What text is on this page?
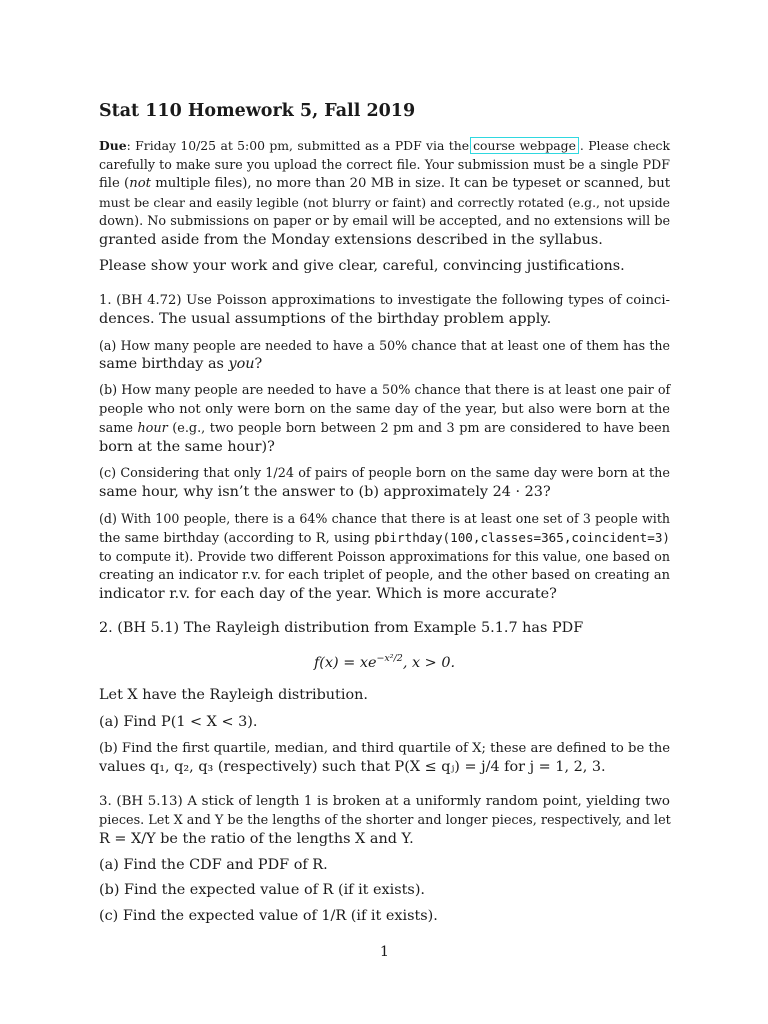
Stat 110 Homework 5, Fall 2019
Due: Friday 10/25 at 5:00 pm, submitted as a PDF via the course webpage . Please check
carefully to make sure you upload the correct file. Your submission must be a single PDF
file (not multiple files), no more than 20 MB in size. It can be typeset or scanned, but
must be clear and easily legible (not blurry or faint) and correctly rotated (e.g., not upside
down). No submissions on paper or by email will be accepted, and no extensions will be
granted aside from the Monday extensions described in the syllabus.
Please show your work and give clear, careful, convincing justifications.
1. (BH 4.72) Use Poisson approximations to investigate the following types of coinci-
dences. The usual assumptions of the birthday problem apply.
(a) How many people are needed to have a 50% chance that at least one of them has the
same birthday as you?
(b) How many people are needed to have a 50% chance that there is at least one pair of
people who not only were born on the same day of the year, but also were born at the
same hour (e.g., two people born between 2 pm and 3 pm are considered to have been
born at the same hour)?
(c) Considering that only 1/24 of pairs of people born on the same day were born at the
same hour, why isn’t the answer to (b) approximately 24 · 23?
(d) With 100 people, there is a 64% chance that there is at least one set of 3 people with
the same birthday (according to R, using pbirthday(100,classes=365,coincident=3)
to compute it). Provide two different Poisson approximations for this value, one based on
creating an indicator r.v. for each triplet of people, and the other based on creating an
indicator r.v. for each day of the year. Which is more accurate?
2. (BH 5.1) The Rayleigh distribution from Example 5.1.7 has PDF
$f(x) = xe^{-x^2/2}$, x > 0.
Let X have the Rayleigh distribution.
(a) Find P(1 < X < 3).
(b) Find the first quartile, median, and third quartile of X; these are defined to be the
values q₁, q₂, q₃ (respectively) such that P(X ≤ qⱼ) = j/4 for j = 1, 2, 3.
3. (BH 5.13) A stick of length 1 is broken at a uniformly random point, yielding two
pieces. Let X and Y be the lengths of the shorter and longer pieces, respectively, and let
R = X/Y be the ratio of the lengths X and Y.
(a) Find the CDF and PDF of R.
(b) Find the expected value of R (if it exists).
(c) Find the expected value of 1/R (if it exists).
1
